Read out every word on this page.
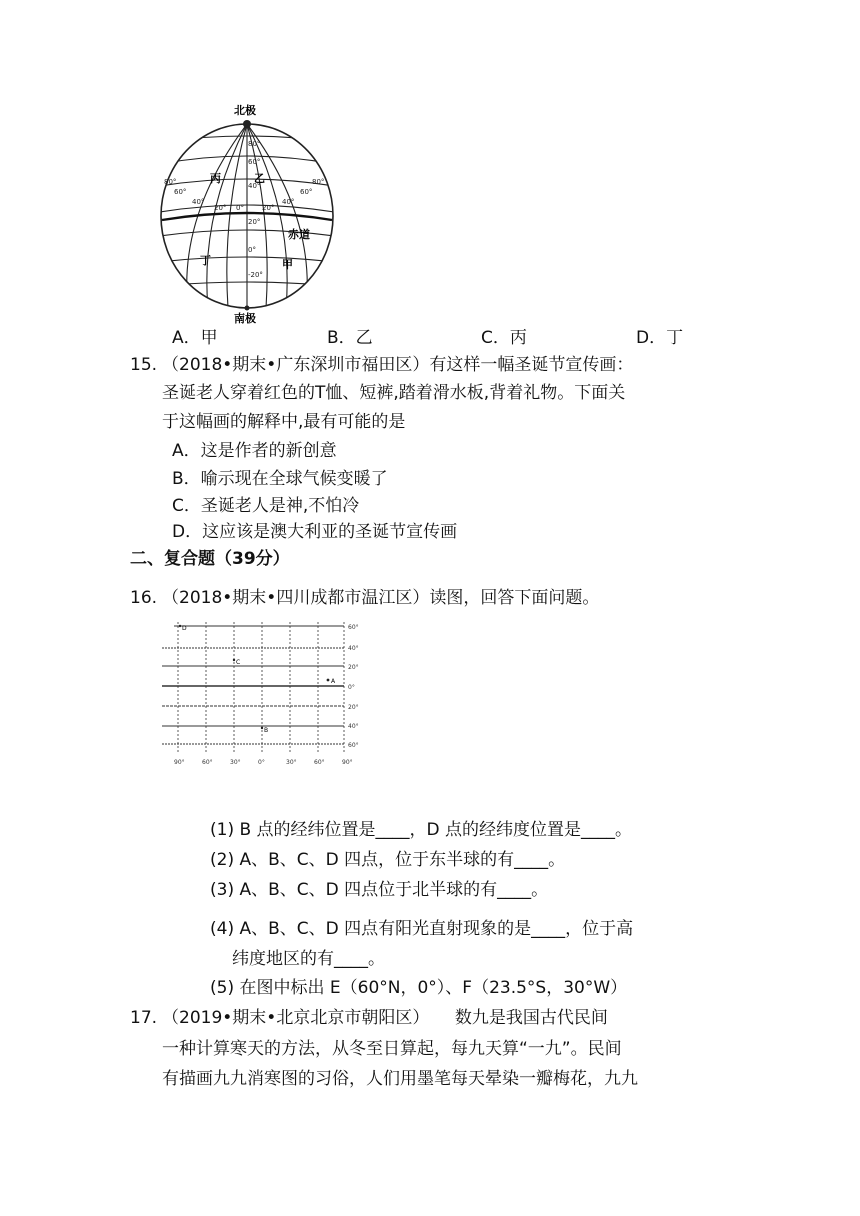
北极
南极
乙
丙
甲
丁
赤道
80°
60°
40°
20°
0°
-20°
80°
60°
40°
20° 0°	20°
40°
60°
80°
A．甲	B．乙	C．丙	D．丁
15. （2018•期末•广东深圳市福田区）有这样一幅圣诞节宣传画：
圣诞老人穿着红色的T恤、短裤,踏着滑水板,背着礼物。下面关
于这幅画的解释中,最有可能的是
A．这是作者的新创意
B．喻示现在全球气候变暖了
C．圣诞老人是神,不怕冷
D．这应该是澳大利亚的圣诞节宣传画
二、复合题（39分）
16. （2018•期末•四川成都市温江区）读图，回答下面问题。
60°
40°
20°
0°
20°
40°
60°
90°	60°	30°	0°	30°	60°	90°
D
C
A
B
(1) B 点的经纬位置是____，D 点的经纬度位置是____。
(2) A、B、C、D 四点，位于东半球的有____。
(3) A、B、C、D 四点位于北半球的有____。
(4) A、B、C、D 四点有阳光直射现象的是____，位于高
纬度地区的有____。
(5) 在图中标出 E（60°N，0°）、F（23.5°S，30°W）
17. （2019•期末•北京北京市朝阳区）　　数九是我国古代民间
一种计算寒天的方法，从冬至日算起，每九天算“一九”。民间
有描画九九消寒图的习俗，人们用墨笔每天晕染一瓣梅花，九九
